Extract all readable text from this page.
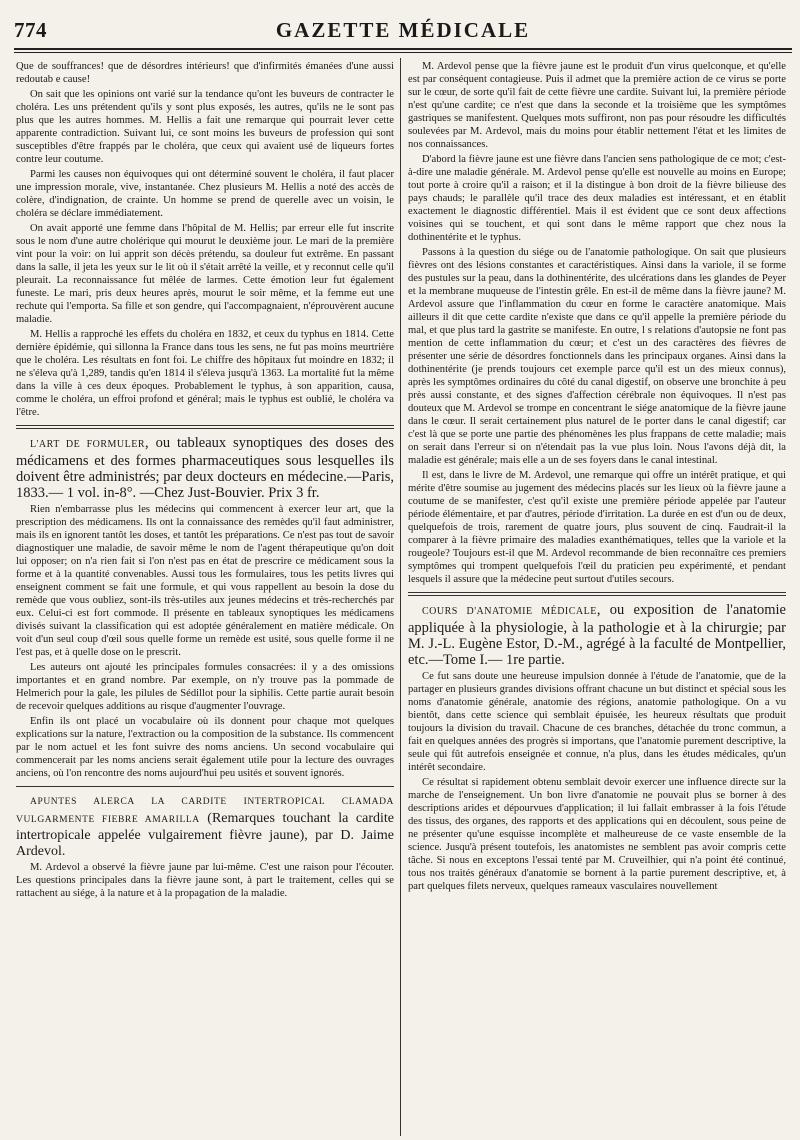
774	GAZETTE MÉDICALE

Que de souffrances! que de désordres intérieurs! que d'infirmités émanées d'une aussi redoutab e cause!

On sait que les opinions ont varié sur la tendance qu'ont les buveurs de contracter le choléra. Les uns prétendent qu'ils y sont plus exposés, les autres, qu'ils ne le sont pas plus que les autres hommes. M. Hellis a fait une remarque qui pourrait lever cette apparente contradiction. Suivant lui, ce sont moins les buveurs de profession qui sont susceptibles d'être frappés par le choléra, que ceux qui avaient usé de liqueurs fortes contre leur coutume.

Parmi les causes non équivoques qui ont déterminé souvent le choléra, il faut placer une impression morale, vive, instantanée. Chez plusieurs M. Hellis a noté des accès de colère, d'indignation, de crainte. Un homme se prend de querelle avec un voisin, le choléra se déclare immédiatement.

On avait apporté une femme dans l'hôpital de M. Hellis; par erreur elle fut inscrite sous le nom d'une autre cholérique qui mourut le deuxième jour. Le mari de la première vint pour la voir: on lui apprit son décès prétendu, sa douleur fut extrême. En passant dans la salle, il jeta les yeux sur le lit où il s'était arrêté la veille, et y reconnut celle qu'il pleurait. La reconnaissance fut mêlée de larmes. Cette émotion leur fut également funeste. Le mari, pris deux heures après, mourut le soir même, et la femme eut une rechute qui l'emporta. Sa fille et son gendre, qui l'accompagnaient, n'éprouvèrent aucune maladie.

M. Hellis a rapproché les effets du choléra en 1832, et ceux du typhus en 1814. Cette dernière épidémie, qui sillonna la France dans tous les sens, ne fut pas moins meurtrière que le choléra. Les résultats en font foi. Le chiffre des hôpitaux fut moindre en 1832; il ne s'éleva qu'à 1,289, tandis qu'en 1814 il s'éleva jusqu'à 1363. La mortalité fut la même dans la ville à ces deux époques. Probablement le typhus, à son apparition, causa, comme le choléra, un effroi profond et général; mais le typhus est oublié, le choléra va l'être.

L'ART DE FORMULER, ou tableaux synoptiques des doses des médicamens et des formes pharmaceutiques sous lesquelles ils doivent être administrés; par deux docteurs en médecine.—Paris, 1833.— 1 vol. in-8°. —Chez Just-Bouvier. Prix 3 fr.

Rien n'embarrasse plus les médecins qui commencent à exercer leur art, que la prescription des médicamens. Ils ont la connaissance des remèdes qu'il faut administrer, mais ils en ignorent tantôt les doses, et tantôt les préparations. Ce n'est pas tout de savoir diagnostiquer une maladie, de savoir même le nom de l'agent thérapeutique qu'on doit lui opposer; on n'a rien fait si l'on n'est pas en état de prescrire ce médicament sous la forme et à la quantité convenables. Aussi tous les formulaires, tous les petits livres qui enseignent comment se fait une formule, et qui vous rappellent au besoin la dose du remède que vous oubliez, sont-ils très-utiles aux jeunes médecins et très-recherchés par eux. Celui-ci est fort commode. Il présente en tableaux synoptiques les médicamens divisés suivant la classification qui est adoptée généralement en matière médicale. On voit d'un seul coup d'œil sous quelle forme un remède est usité, sous quelle forme il ne l'est pas, et à quelle dose on le prescrit.

Les auteurs ont ajouté les principales formules consacrées: il y a des omissions importantes et en grand nombre. Par exemple, on n'y trouve pas la pommade de Helmerich pour la gale, les pilules de Sédillot pour la siphilis. Cette partie aurait besoin de recevoir quelques additions au risque d'augmenter l'ouvrage.

Enfin ils ont placé un vocabulaire où ils donnent pour chaque mot quelques explications sur la nature, l'extraction ou la composition de la substance. Ils commencent par le nom actuel et les font suivre des noms anciens. Un second vocabulaire qui commencerait par les noms anciens serait également utile pour la lecture des ouvrages anciens, où l'on rencontre des noms aujourd'hui peu usités et souvent ignorés.

APUNTES ALERCA LA CARDITE INTERTROPICAL CLAMADA VULGARMENTE FIEBRE AMARILLA (Remarques touchant la cardite intertropicale appelée vulgairement fièvre jaune), par D. Jaime Ardevol.

M. Ardevol a observé la fièvre jaune par lui-même. C'est une raison pour l'écouter. Les questions principales dans la fièvre jaune sont, à part le traitement, celles qui se rattachent au siége, à la nature et à la propagation de la maladie.

M. Ardevol pense que la fièvre jaune est le produit d'un virus quelconque, et qu'elle est par conséquent contagieuse. Puis il admet que la première action de ce virus se porte sur le cœur, de sorte qu'il fait de cette fièvre une cardite. Suivant lui, la première période n'est qu'une cardite; ce n'est que dans la seconde et la troisième que les symptômes gastriques se manifestent. Quelques mots suffiront, non pas pour résoudre les difficultés soulevées par M. Ardevol, mais du moins pour établir nettement l'état et les limites de nos connaissances.

D'abord la fièvre jaune est une fièvre dans l'ancien sens pathologique de ce mot; c'est-à-dire une maladie générale. M. Ardevol pense qu'elle est nouvelle au moins en Europe; tout porte à croire qu'il a raison; et il la distingue à bon droit de la fièvre bilieuse des pays chauds; le parallèle qu'il trace des deux maladies est intéressant, et en établit exactement le diagnostic différentiel. Mais il est évident que ce sont deux affections voisines qui se touchent, et qui sont dans le même rapport que chez nous la dothinentérite et le typhus.

Passons à la question du siége ou de l'anatomie pathologique. On sait que plusieurs fièvres ont des lésions constantes et caractéristiques. Ainsi dans la variole, il se forme des pustules sur la peau, dans la dothinentérite, des ulcérations dans les glandes de Peyer et la membrane muqueuse de l'intestin grêle. En est-il de même dans la fièvre jaune? M. Ardevol assure que l'inflammation du cœur en forme le caractère anatomique. Mais ailleurs il dit que cette cardite n'existe que dans ce qu'il appelle la première période du mal, et que plus tard la gastrite se manifeste. En outre, l s relations d'autopsie ne font pas mention de cette inflammation du cœur; et c'est un des caractères des fièvres de présenter une série de désordres fonctionnels dans les principaux organes. Ainsi dans la dothinentérite (je prends toujours cet exemple parce qu'il est un des mieux connus), après les symptômes ordinaires du côté du canal digestif, on observe une bronchite à peu près aussi constante, et des signes d'affection cérébrale non équivoques. Il n'est pas douteux que M. Ardevol se trompe en concentrant le siége anatomique de la fièvre jaune dans le cœur. Il serait certainement plus naturel de le porter dans le canal digestif; car c'est là que se porte une partie des phénomènes les plus frappans de cette maladie; mais on serait dans l'erreur si on n'étendait pas la vue plus loin. Nous l'avons déjà dit, la maladie est générale; mais elle a un de ses foyers dans le canal intestinal.

Il est, dans le livre de M. Ardevol, une remarque qui offre un intérêt pratique, et qui mérite d'être soumise au jugement des médecins placés sur les lieux où la fièvre jaune a coutume de se manifester, c'est qu'il existe une première période appelée par l'auteur période élémentaire, et par d'autres, période d'irritation. La durée en est d'un ou de deux, quelquefois de trois, rarement de quatre jours, plus souvent de cinq. Faudrait-il la comparer à la fièvre primaire des maladies exanthématiques, telles que la variole et la rougeole? Toujours est-il que M. Ardevol recommande de bien reconnaître ces premiers symptômes qui trompent quelquefois l'œil du praticien peu expérimenté, et pendant lesquels il assure que la médecine peut surtout d'utiles secours.

COURS D'ANATOMIE MÉDICALE, ou exposition de l'anatomie appliquée à la physiologie, à la pathologie et à la chirurgie; par M. J.-L. Eugène Estor, D.-M., agrégé à la faculté de Montpellier, etc.—Tome I.— 1re partie.

Ce fut sans doute une heureuse impulsion donnée à l'étude de l'anatomie, que de la partager en plusieurs grandes divisions offrant chacune un but distinct et spécial sous les noms d'anatomie générale, anatomie des régions, anatomie pathologique. On a vu bientôt, dans cette science qui semblait épuisée, les heureux résultats que produit toujours la division du travail. Chacune de ces branches, détachée du tronc commun, a fait en quelques années des progrès si importans, que l'anatomie purement descriptive, la seule qui fût autrefois enseignée et connue, n'a plus, dans les études médicales, qu'un intérêt secondaire.

Ce résultat si rapidement obtenu semblait devoir exercer une influence directe sur la marche de l'enseignement. Un bon livre d'anatomie ne pouvait plus se borner à des descriptions arides et dépourvues d'application; il lui fallait embrasser à la fois l'étude des tissus, des organes, des rapports et des applications qui en découlent, sous peine de ne présenter qu'une esquisse incomplète et malheureuse de ce vaste ensemble de la science. Jusqu'à présent toutefois, les anatomistes ne semblent pas avoir compris cette tâche. Si nous en exceptons l'essai tenté par M. Cruveilhier, qui n'a point été continué, tous nos traités généraux d'anatomie se bornent à la partie purement descriptive, et, à part quelques filets nerveux, quelques rameaux vasculaires nouvellement
